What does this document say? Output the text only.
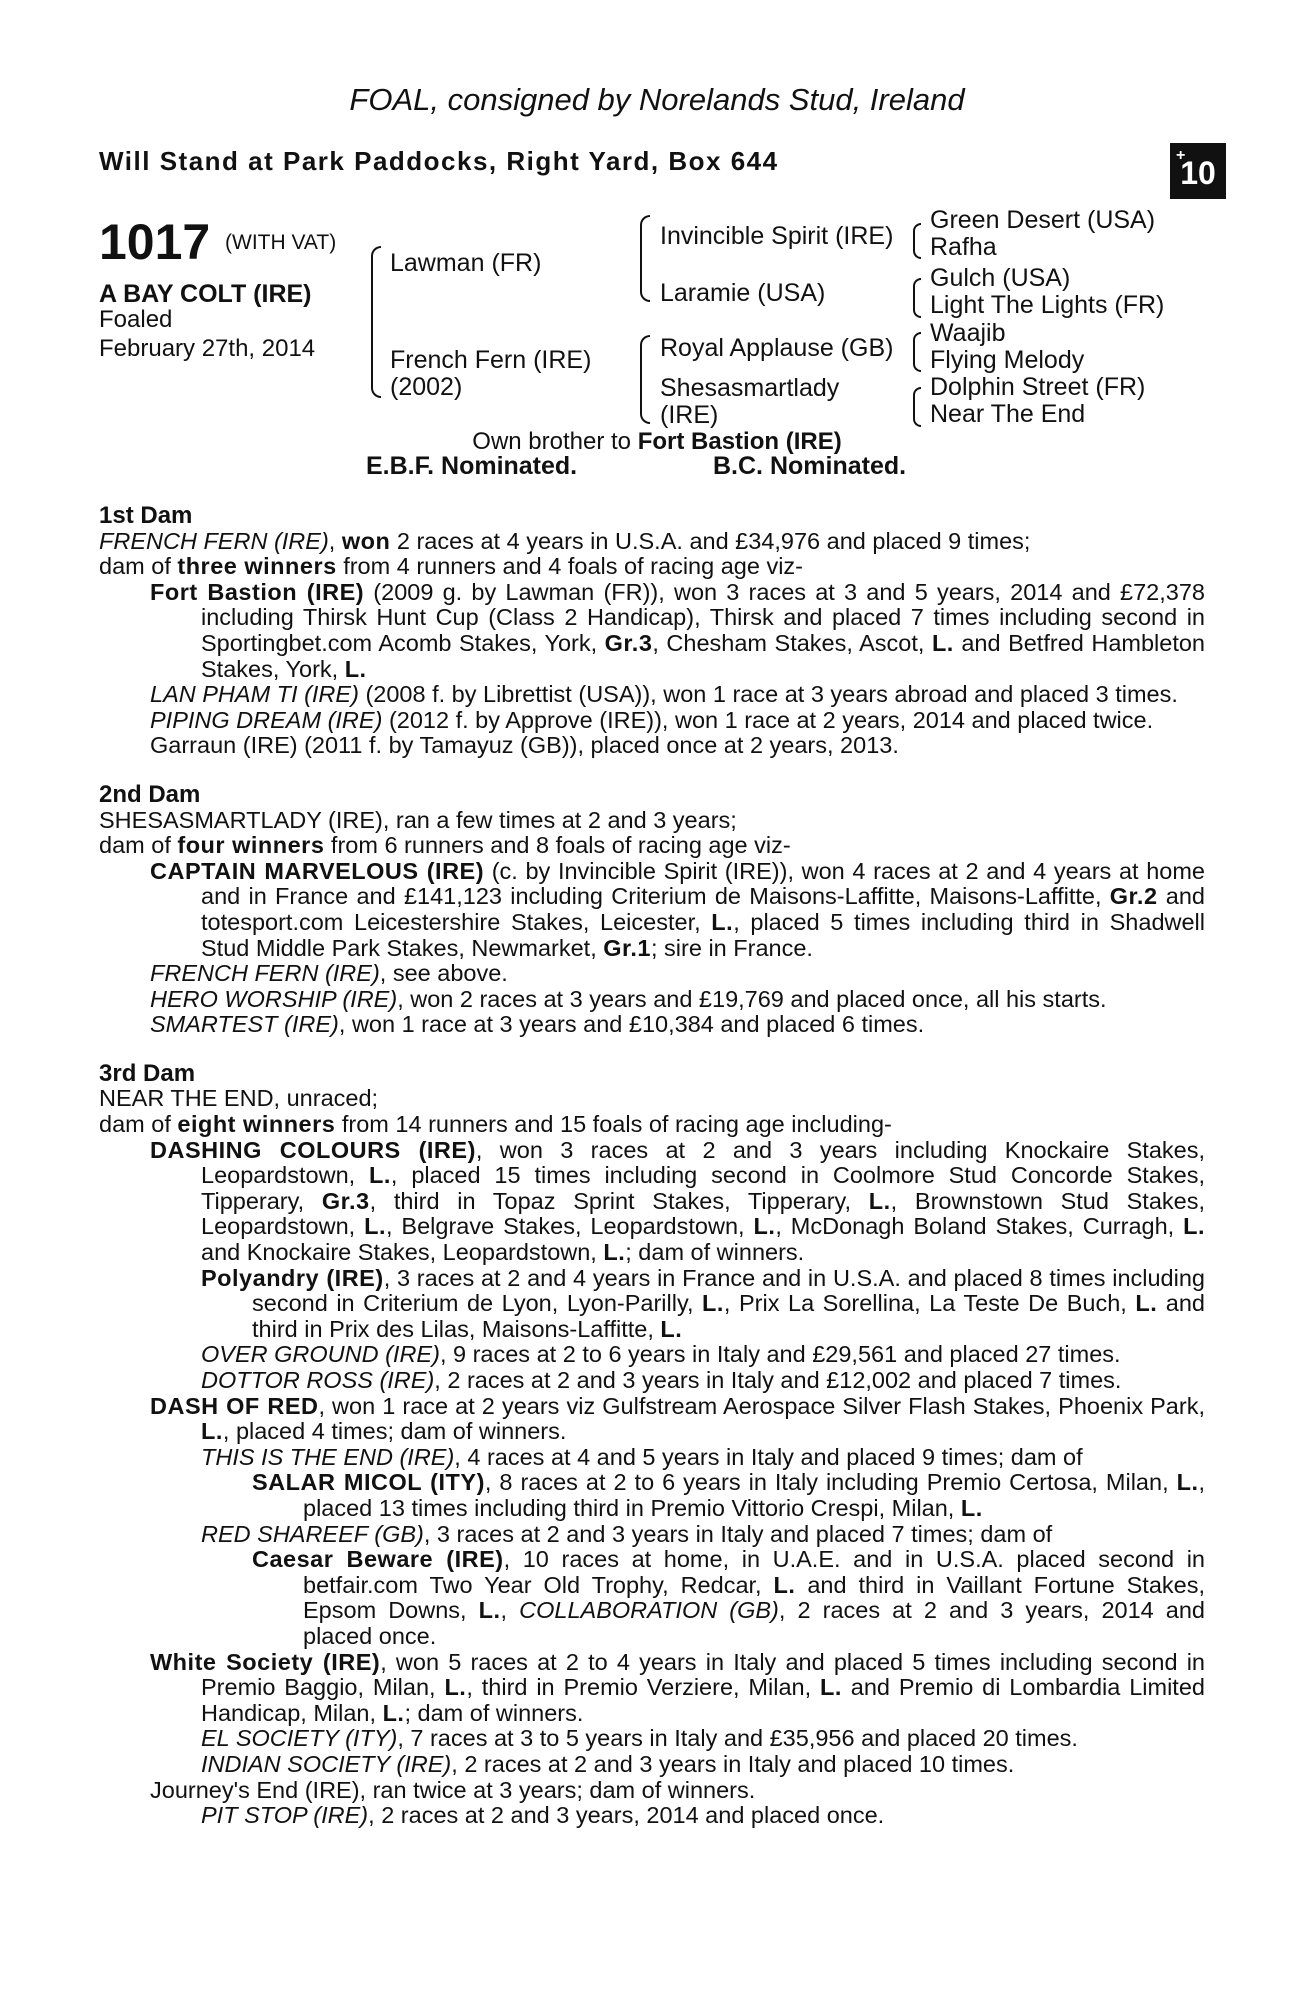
FOAL, consigned by Norelands Stud, Ireland
Will Stand at Park Paddocks, Right Yard, Box 644	+
10
1017 (WITH VAT)
A BAY COLT (IRE)
Foaled
February 27th, 2014
Lawman (FR)
French Fern (IRE)
(2002)
Invincible Spirit (IRE)
Laramie (USA)
Royal Applause (GB)
Shesasmartlady
(IRE)
Green Desert (USA)
Rafha
Gulch (USA)
Light The Lights (FR)
Waajib
Flying Melody
Dolphin Street (FR)
Near The End
Own brother to Fort Bastion (IRE)
E.B.F. Nominated.	B.C. Nominated.
1st Dam

FRENCH FERN (IRE), won 2 races at 4 years in U.S.A. and £34,976 and placed 9 times;

dam of three winners from 4 runners and 4 foals of racing age viz-

Fort Bastion (IRE) (2009 g. by Lawman (FR)), won 3 races at 3 and 5 years, 2014 and £72,378 including Thirsk Hunt Cup (Class 2 Handicap), Thirsk and placed 7 times including second in Sportingbet.com Acomb Stakes, York, Gr.3, Chesham Stakes, Ascot, L. and Betfred Hambleton Stakes, York, L.

LAN PHAM TI (IRE) (2008 f. by Librettist (USA)), won 1 race at 3 years abroad and placed 3 times.

PIPING DREAM (IRE) (2012 f. by Approve (IRE)), won 1 race at 2 years, 2014 and placed twice.

Garraun (IRE) (2011 f. by Tamayuz (GB)), placed once at 2 years, 2013.

2nd Dam

SHESASMARTLADY (IRE), ran a few times at 2 and 3 years;

dam of four winners from 6 runners and 8 foals of racing age viz-

CAPTAIN MARVELOUS (IRE) (c. by Invincible Spirit (IRE)), won 4 races at 2 and 4 years at home and in France and £141,123 including Criterium de Maisons-Laffitte, Maisons-Laffitte, Gr.2 and totesport.com Leicestershire Stakes, Leicester, L., placed 5 times including third in Shadwell Stud Middle Park Stakes, Newmarket, Gr.1; sire in France.

FRENCH FERN (IRE), see above.

HERO WORSHIP (IRE), won 2 races at 3 years and £19,769 and placed once, all his starts.

SMARTEST (IRE), won 1 race at 3 years and £10,384 and placed 6 times.

3rd Dam

NEAR THE END, unraced;

dam of eight winners from 14 runners and 15 foals of racing age including-

DASHING COLOURS (IRE), won 3 races at 2 and 3 years including Knockaire Stakes, Leopardstown, L., placed 15 times including second in Coolmore Stud Concorde Stakes, Tipperary, Gr.3, third in Topaz Sprint Stakes, Tipperary, L., Brownstown Stud Stakes, Leopardstown, L., Belgrave Stakes, Leopardstown, L., McDonagh Boland Stakes, Curragh, L. and Knockaire Stakes, Leopardstown, L.; dam of winners.

Polyandry (IRE), 3 races at 2 and 4 years in France and in U.S.A. and placed 8 times including second in Criterium de Lyon, Lyon-Parilly, L., Prix La Sorellina, La Teste De Buch, L. and third in Prix des Lilas, Maisons-Laffitte, L.

OVER GROUND (IRE), 9 races at 2 to 6 years in Italy and £29,561 and placed 27 times.

DOTTOR ROSS (IRE), 2 races at 2 and 3 years in Italy and £12,002 and placed 7 times.

DASH OF RED, won 1 race at 2 years viz Gulfstream Aerospace Silver Flash Stakes, Phoenix Park, L., placed 4 times; dam of winners.

THIS IS THE END (IRE), 4 races at 4 and 5 years in Italy and placed 9 times; dam of

SALAR MICOL (ITY), 8 races at 2 to 6 years in Italy including Premio Certosa, Milan, L., placed 13 times including third in Premio Vittorio Crespi, Milan, L.

RED SHAREEF (GB), 3 races at 2 and 3 years in Italy and placed 7 times; dam of

Caesar Beware (IRE), 10 races at home, in U.A.E. and in U.S.A. placed second in betfair.com Two Year Old Trophy, Redcar, L. and third in Vaillant Fortune Stakes, Epsom Downs, L., COLLABORATION (GB), 2 races at 2 and 3 years, 2014 and placed once.

White Society (IRE), won 5 races at 2 to 4 years in Italy and placed 5 times including second in Premio Baggio, Milan, L., third in Premio Verziere, Milan, L. and Premio di Lombardia Limited Handicap, Milan, L.; dam of winners.

EL SOCIETY (ITY), 7 races at 3 to 5 years in Italy and £35,956 and placed 20 times.

INDIAN SOCIETY (IRE), 2 races at 2 and 3 years in Italy and placed 10 times.

Journey's End (IRE), ran twice at 3 years; dam of winners.

PIT STOP (IRE), 2 races at 2 and 3 years, 2014 and placed once.
